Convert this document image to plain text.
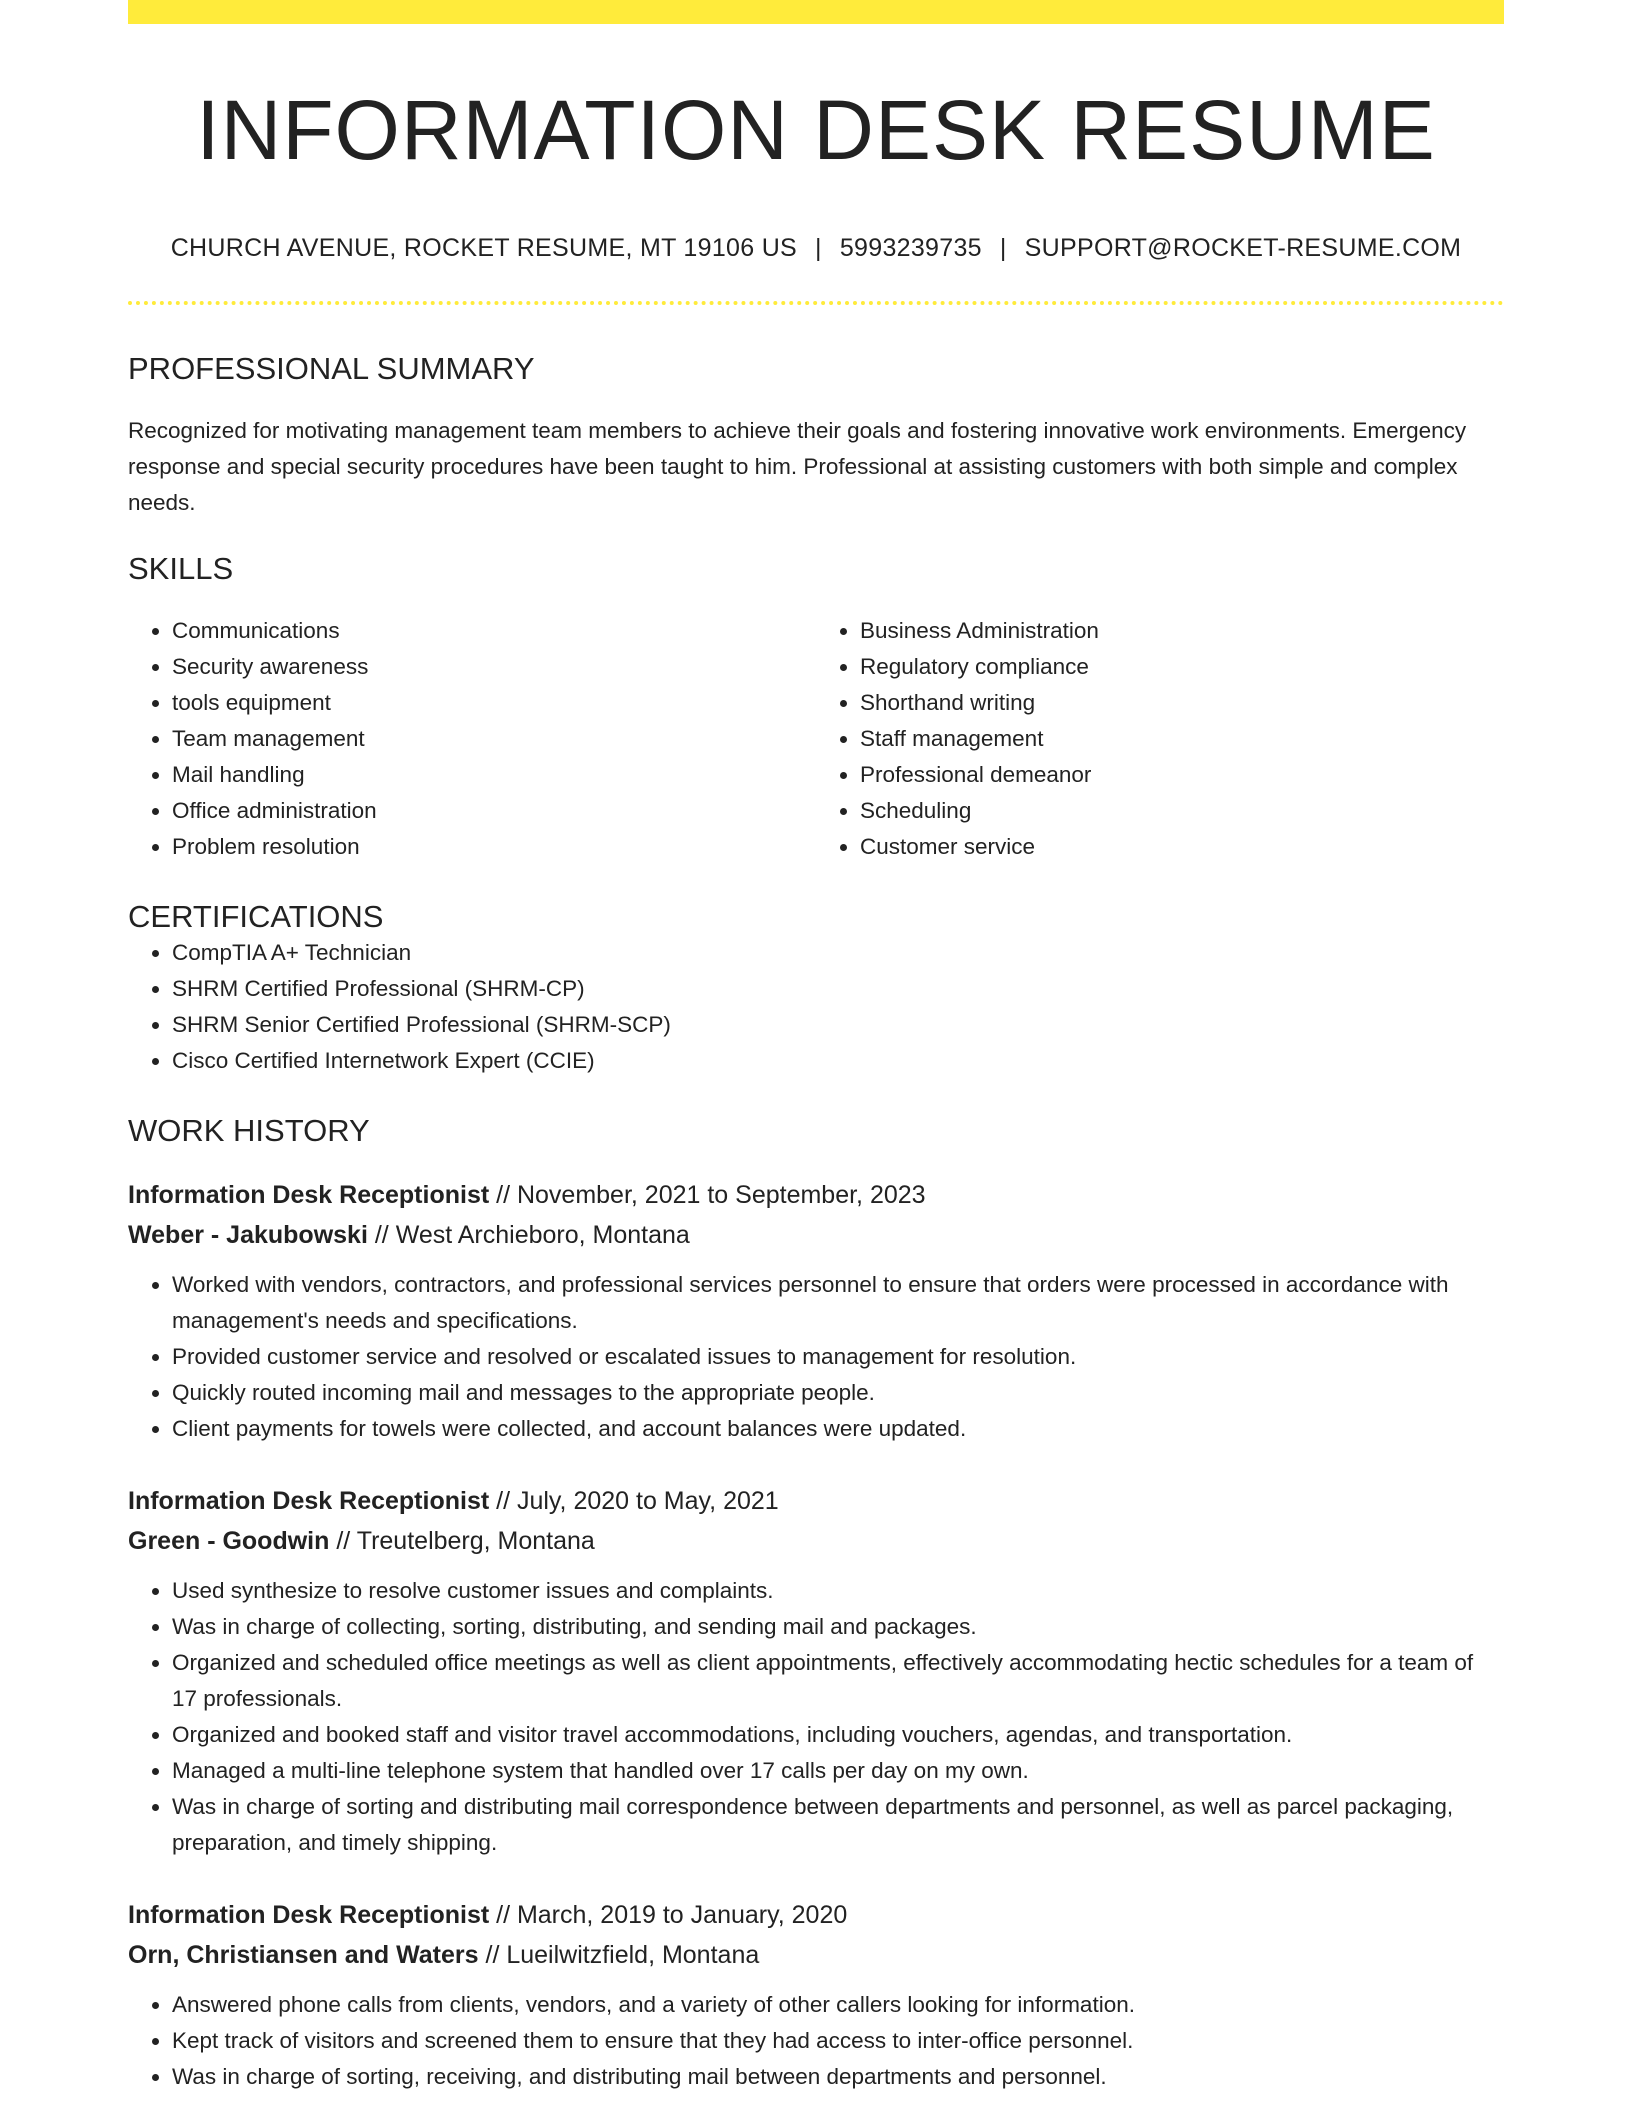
INFORMATION DESK RESUME
CHURCH AVENUE, ROCKET RESUME, MT 19106 US | 5993239735 | SUPPORT@ROCKET-RESUME.COM
PROFESSIONAL SUMMARY
Recognized for motivating management team members to achieve their goals and fostering innovative work environments. Emergency response and special security procedures have been taught to him. Professional at assisting customers with both simple and complex needs.
SKILLS
• Communications
• Security awareness
• tools equipment
• Team management
• Mail handling
• Office administration
• Problem resolution
• Business Administration
• Regulatory compliance
• Shorthand writing
• Staff management
• Professional demeanor
• Scheduling
• Customer service
CERTIFICATIONS
• CompTIA A+ Technician
• SHRM Certified Professional (SHRM-CP)
• SHRM Senior Certified Professional (SHRM-SCP)
• Cisco Certified Internetwork Expert (CCIE)
WORK HISTORY
Information Desk Receptionist // November, 2021 to September, 2023
Weber - Jakubowski // West Archieboro, Montana
• Worked with vendors, contractors, and professional services personnel to ensure that orders were processed in accordance with management's needs and specifications.
• Provided customer service and resolved or escalated issues to management for resolution.
• Quickly routed incoming mail and messages to the appropriate people.
• Client payments for towels were collected, and account balances were updated.
Information Desk Receptionist // July, 2020 to May, 2021
Green - Goodwin // Treutelberg, Montana
• Used synthesize to resolve customer issues and complaints.
• Was in charge of collecting, sorting, distributing, and sending mail and packages.
• Organized and scheduled office meetings as well as client appointments, effectively accommodating hectic schedules for a team of 17 professionals.
• Organized and booked staff and visitor travel accommodations, including vouchers, agendas, and transportation.
• Managed a multi-line telephone system that handled over 17 calls per day on my own.
• Was in charge of sorting and distributing mail correspondence between departments and personnel, as well as parcel packaging, preparation, and timely shipping.
Information Desk Receptionist // March, 2019 to January, 2020
Orn, Christiansen and Waters // Lueilwitzfield, Montana
• Answered phone calls from clients, vendors, and a variety of other callers looking for information.
• Kept track of visitors and screened them to ensure that they had access to inter-office personnel.
• Was in charge of sorting, receiving, and distributing mail between departments and personnel.
